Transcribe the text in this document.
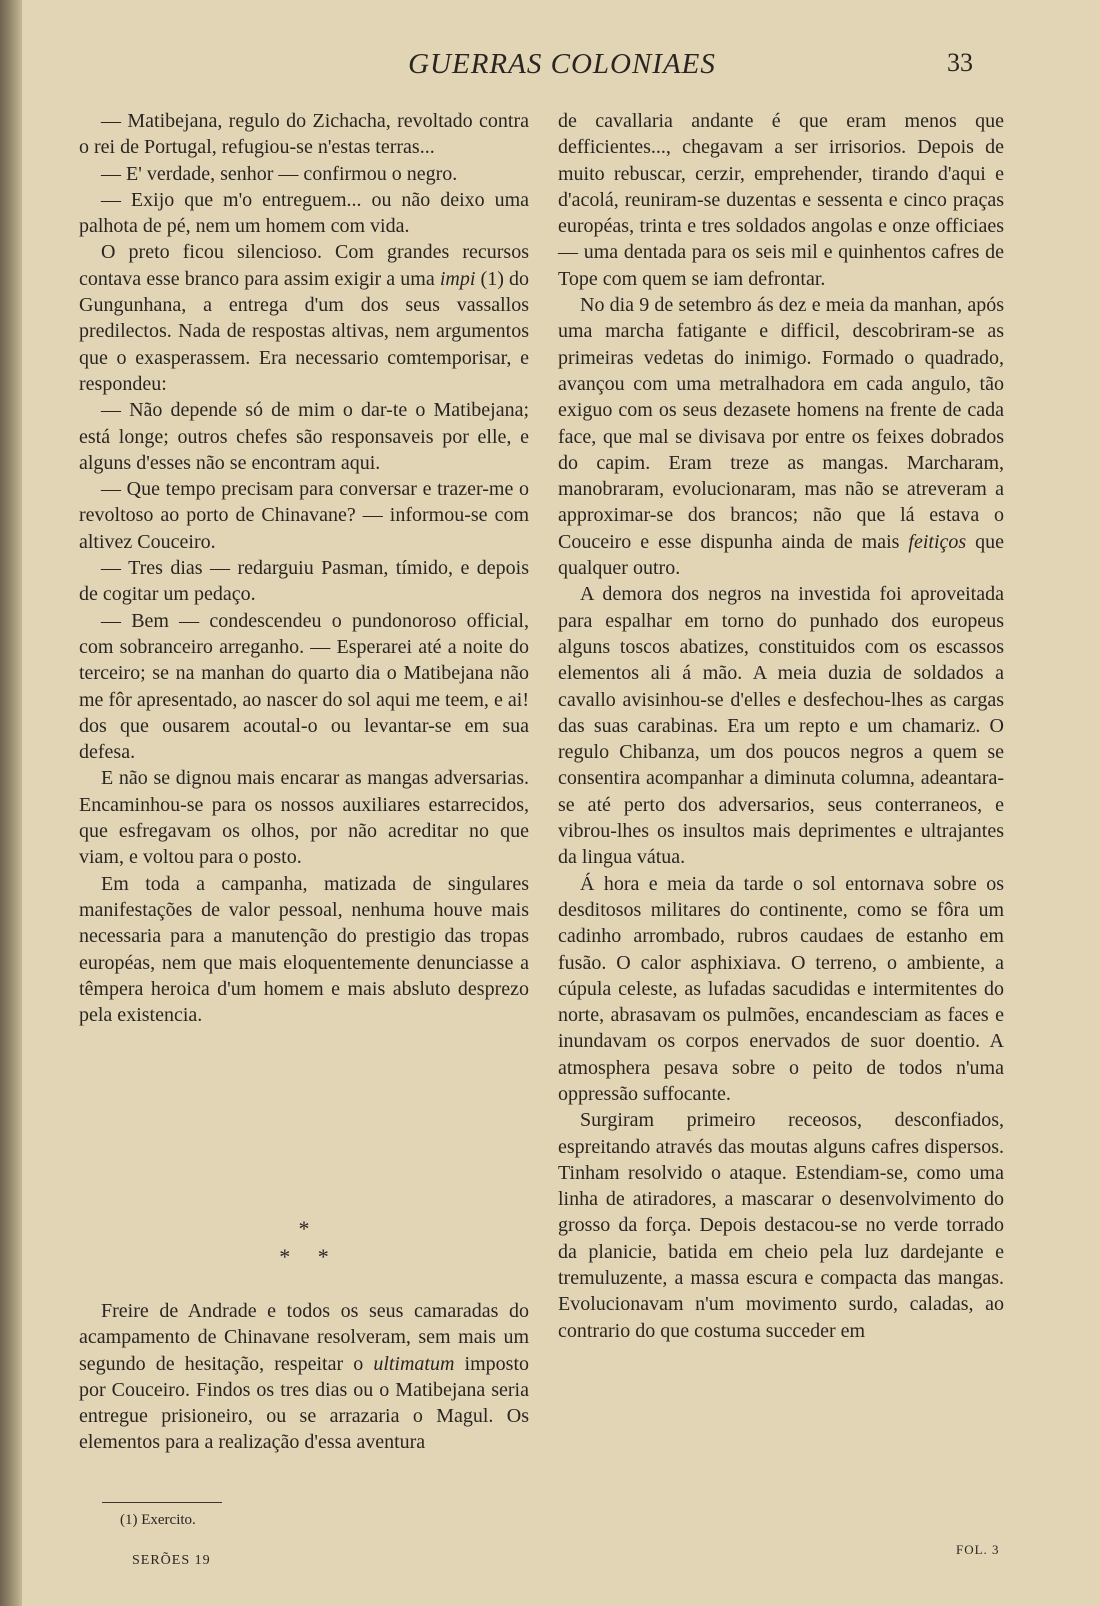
GUERRAS COLONIAES	33

— Matibejana, regulo do Zichacha, revoltado contra o rei de Portugal, refugiou-se n'estas terras...

— E' verdade, senhor — confirmou o negro.

— Exijo que m'o entreguem... ou não deixo uma palhota de pé, nem um homem com vida.

O preto ficou silencioso. Com grandes recursos contava esse branco para assim exigir a uma impi (1) do Gungunhana, a entrega d'um dos seus vassallos predilectos. Nada de respostas altivas, nem argumentos que o exasperassem. Era necessario comtemporisar, e respondeu:

— Não depende só de mim o dar-te o Matibejana; está longe; outros chefes são responsaveis por elle, e alguns d'esses não se encontram aqui.

— Que tempo precisam para conversar e trazer-me o revoltoso ao porto de Chinavane? — informou-se com altivez Couceiro.

— Tres dias — redarguiu Pasman, tímido, e depois de cogitar um pedaço.

— Bem — condescendeu o pundonoroso official, com sobranceiro arreganho. — Esperarei até a noite do terceiro; se na manhan do quarto dia o Matibejana não me fôr apresentado, ao nascer do sol aqui me teem, e ai! dos que ousarem acoutal-o ou levantar-se em sua defesa.

E não se dignou mais encarar as mangas adversarias. Encaminhou-se para os nossos auxiliares estarrecidos, que esfregavam os olhos, por não acreditar no que viam, e voltou para o posto.

Em toda a campanha, matizada de singulares manifestações de valor pessoal, nenhuma houve mais necessaria para a manutenção do prestigio das tropas européas, nem que mais eloquentemente denunciasse a têmpera heroica d'um homem e mais absluto desprezo pela existencia.

*
* *

Freire de Andrade e todos os seus camaradas do acampamento de Chinavane resolveram, sem mais um segundo de hesitação, respeitar o ultimatum imposto por Couceiro. Findos os tres dias ou o Matibejana seria entregue prisioneiro, ou se arrazaria o Magul. Os elementos para a realização d'essa aventura

(1) Exercito.
SERÕES 19

de cavallaria andante é que eram menos que defficientes..., chegavam a ser irrisorios. Depois de muito rebuscar, cerzir, emprehender, tirando d'aqui e d'acolá, reuniram-se duzentas e sessenta e cinco praças européas, trinta e tres soldados angolas e onze officiaes — uma dentada para os seis mil e quinhentos cafres de Tope com quem se iam defrontar.

No dia 9 de setembro ás dez e meia da manhan, após uma marcha fatigante e difficil, descobriram-se as primeiras vedetas do inimigo. Formado o quadrado, avançou com uma metralhadora em cada angulo, tão exiguo com os seus dezasete homens na frente de cada face, que mal se divisava por entre os feixes dobrados do capim. Eram treze as mangas. Marcharam, manobraram, evolucionaram, mas não se atreveram a approximar-se dos brancos; não que lá estava o Couceiro e esse dispunha ainda de mais feitiços que qualquer outro.

A demora dos negros na investida foi aproveitada para espalhar em torno do punhado dos europeus alguns toscos abatizes, constituidos com os escassos elementos ali á mão. A meia duzia de soldados a cavallo avisinhou-se d'elles e desfechou-lhes as cargas das suas carabinas. Era um repto e um chamariz. O regulo Chibanza, um dos poucos negros a quem se consentira acompanhar a diminuta columna, adeantara-se até perto dos adversarios, seus conterraneos, e vibrou-lhes os insultos mais deprimentes e ultrajantes da lingua vátua.

Á hora e meia da tarde o sol entornava sobre os desditosos militares do continente, como se fôra um cadinho arrombado, rubros caudaes de estanho em fusão. O calor asphixiava. O terreno, o ambiente, a cúpula celeste, as lufadas sacudidas e intermitentes do norte, abrasavam os pulmões, encandesciam as faces e inundavam os corpos enervados de suor doentio. A atmosphera pesava sobre o peito de todos n'uma oppressão suffocante.

Surgiram primeiro receosos, desconfiados, espreitando através das moutas alguns cafres dispersos. Tinham resolvido o ataque. Estendiam-se, como uma linha de atiradores, a mascarar o desenvolvimento do grosso da força. Depois destacou-se no verde torrado da planicie, batida em cheio pela luz dardejante e tremuluzente, a massa escura e compacta das mangas. Evolucionavam n'um movimento surdo, caladas, ao contrario do que costuma succeder em

FOL. 3
